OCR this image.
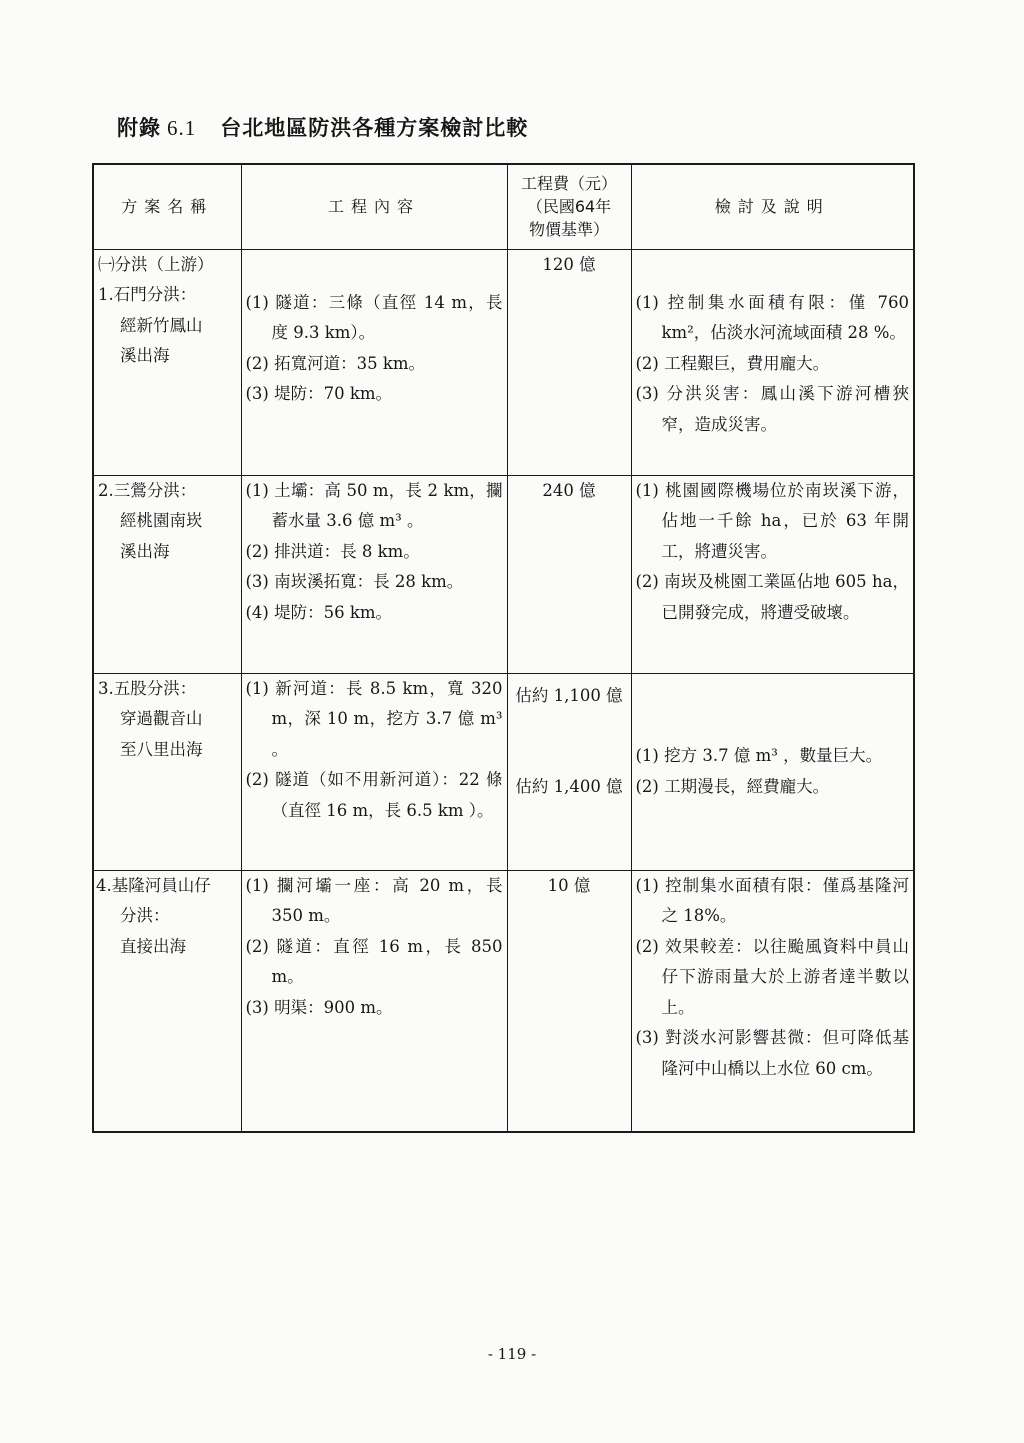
附錄 6.1 台北地區防洪各種方案檢討比較
方案名稱	工程內容	工程費（元）
（民國64年
物價基準）	檢討及說明

㈠分洪（上游）
1.石門分洪：
經新竹鳳山
溪出海	(1) 隧道：三條（直徑 14 m，長度 9.3 km）。
(2) 拓寬河道：35 km。
(3) 堤防：70 km。	120 億	(1) 控制集水面積有限：僅 760 km²，佔淡水河流域面積 28 %。
(2) 工程艱巨，費用龐大。
(3) 分洪災害：鳳山溪下游河槽狹窄，造成災害。

2.三鶯分洪：
經桃園南崁
溪出海	(1) 土壩：高 50 m，長 2 km，攔蓄水量 3.6 億 m³ 。
(2) 排洪道：長 8 km。
(3) 南崁溪拓寬：長 28 km。
(4) 堤防：56 km。	240 億	(1) 桃園國際機場位於南崁溪下游，佔地一千餘 ha，已於 63 年開工，將遭災害。
(2) 南崁及桃園工業區佔地 605 ha，已開發完成，將遭受破壞。

3.五股分洪：
穿過觀音山
至八里出海	(1) 新河道：長 8.5 km，寬 320 m，深 10 m，挖方 3.7 億 m³ 。
(2) 隧道（如不用新河道）：22 條（直徑 16 m，長 6.5 km ）。	估約 1,100 億
估約 1,400 億	(1) 挖方 3.7 億 m³ ，數量巨大。
(2) 工期漫長，經費龐大。

4.基隆河員山仔
分洪：
直接出海	(1) 攔河壩一座：高 20 m，長 350 m。
(2) 隧道：直徑 16 m，長 850 m。
(3) 明渠：900 m。	10 億	(1) 控制集水面積有限：僅爲基隆河之 18%。
(2) 效果較差：以往颱風資料中員山仔下游雨量大於上游者達半數以上。
(3) 對淡水河影響甚微：但可降低基隆河中山橋以上水位 60 cm。
- 119 -
